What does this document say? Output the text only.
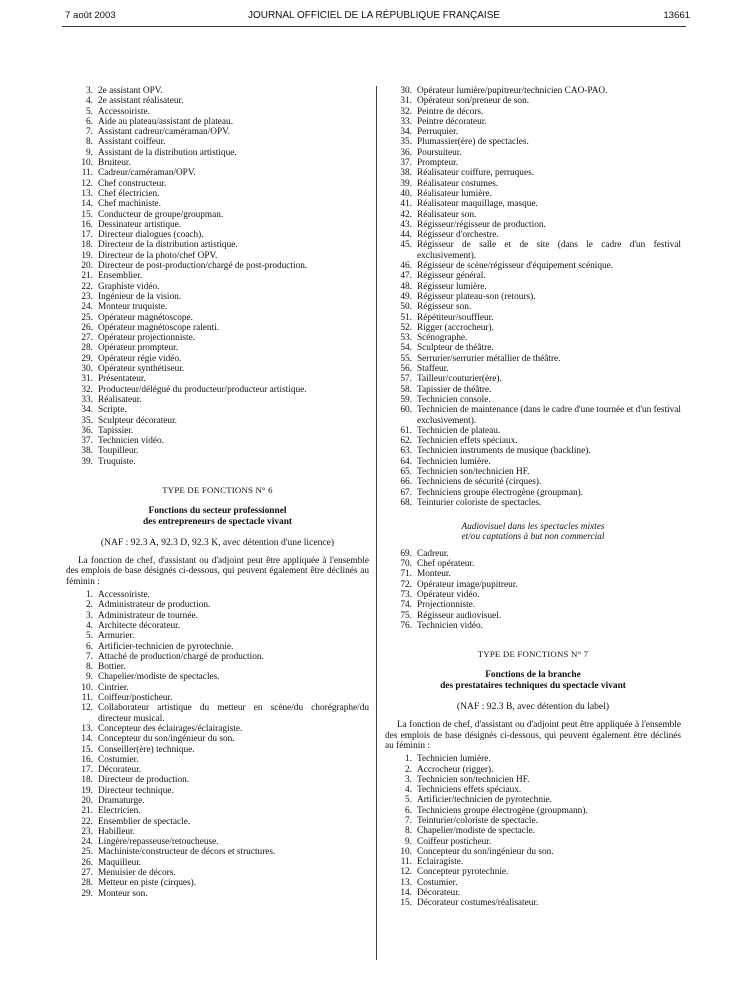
7 août 2003	JOURNAL OFFICIEL DE LA RÉPUBLIQUE FRANÇAISE	13661
3. 2e assistant OPV.
4. 2e assistant réalisateur.
5. Accessoiriste.
6. Aide au plateau/assistant de plateau.
7. Assistant cadreur/caméraman/OPV.
8. Assistant coiffeur.
9. Assistant de la distribution artistique.
10. Bruiteur.
11. Cadreur/caméraman/OPV.
12. Chef constructeur.
13. Chef électricien.
14. Chef machiniste.
15. Conducteur de groupe/groupman.
16. Dessinateur artistique.
17. Directeur dialogues (coach).
18. Directeur de la distribution artistique.
19. Directeur de la photo/chef OPV.
20. Directeur de post-production/chargé de post-production.
21. Ensemblier.
22. Graphiste vidéo.
23. Ingénieur de la vision.
24. Monteur truquiste.
25. Opérateur magnétoscope.
26. Opérateur magnétoscope ralenti.
27. Opérateur projectionniste.
28. Opérateur prompteur.
29. Opérateur régie vidéo.
30. Opérateur synthétiseur.
31. Présentateur.
32. Producteur/délégué du producteur/producteur artistique.
33. Réalisateur.
34. Scripte.
35. Sculpteur décorateur.
36. Tapissier.
37. Technicien vidéo.
38. Toupilleur.
39. Truquiste.
TYPE DE FONCTIONS N° 6
Fonctions du secteur professionnel
des entrepreneurs de spectacle vivant
(NAF : 92.3 A, 92.3 D, 92.3 K, avec détention d'une licence)
La fonction de chef, d'assistant ou d'adjoint peut être appliquée à l'ensemble des emplois de base désignés ci-dessous, qui peuvent également être déclinés au féminin :
1. Accessoiriste.
2. Administrateur de production.
3. Administrateur de tournée.
4. Architecte décorateur.
5. Armurier.
6. Artificier-technicien de pyrotechnie.
7. Attaché de production/chargé de production.
8. Bottier.
9. Chapelier/modiste de spectacles.
10. Cintrier.
11. Coiffeur/posticheur.
12. Collaborateur artistique du metteur en scène/du chorégraphe/du directeur musical.
13. Concepteur des éclairages/éclairagiste.
14. Concepteur du son/ingénieur du son.
15. Conseiller(ère) technique.
16. Costumier.
17. Décorateur.
18. Directeur de production.
19. Directeur technique.
20. Dramaturge.
21. Electricien.
22. Ensemblier de spectacle.
23. Habilleur.
24. Lingère/repasseuse/retoucheuse.
25. Machiniste/constructeur de décors et structures.
26. Maquilleur.
27. Menuisier de décors.
28. Metteur en piste (cirques).
29. Monteur son.
30. Opérateur lumière/pupitreur/technicien CAO-PAO.
31. Opérateur son/preneur de son.
32. Peintre de décors.
33. Peintre décorateur.
34. Perruquier.
35. Plumassier(ère) de spectacles.
36. Poursuiteur.
37. Prompteur.
38. Réalisateur coiffure, perruques.
39. Réalisateur costumes.
40. Réalisateur lumière.
41. Réalisateur maquillage, masque.
42. Réalisateur son.
43. Régisseur/régisseur de production.
44. Régisseur d'orchestre.
45. Régisseur de salle et de site (dans le cadre d'un festival exclusivement).
46. Régisseur de scène/régisseur d'équipement scénique.
47. Régisseur général.
48. Régisseur lumière.
49. Régisseur plateau-son (retours).
50. Régisseur son.
51. Répétiteur/souffleur.
52. Rigger (accrocheur).
53. Scénographe.
54. Sculpteur de théâtre.
55. Serrurier/serrurier métallier de théâtre.
56. Staffeur.
57. Tailleur/couturier(ère).
58. Tapissier de théâtre.
59. Technicien console.
60. Technicien de maintenance (dans le cadre d'une tournée et d'un festival exclusivement).
61. Technicien de plateau.
62. Technicien effets spéciaux.
63. Technicien instruments de musique (backline).
64. Technicien lumière.
65. Technicien son/technicien HF.
66. Techniciens de sécurité (cirques).
67. Techniciens groupe électrogène (groupman).
68. Teinturier coloriste de spectacles.
Audiovisuel dans les spectacles mixtes
et/ou captations à but non commercial
69. Cadreur.
70. Chef opérateur.
71. Monteur.
72. Opérateur image/pupitreur.
73. Opérateur vidéo.
74. Projectionniste.
75. Régisseur audiovisuel.
76. Technicien vidéo.
TYPE DE FONCTIONS N° 7
Fonctions de la branche
des prestataires techniques du spectacle vivant
(NAF : 92.3 B, avec détention du label)
La fonction de chef, d'assistant ou d'adjoint peut être appliquée à l'ensemble des emplois de base désignés ci-dessous, qui peuvent également être déclinés au féminin :
1. Technicien lumière.
2. Accrocheur (rigger).
3. Technicien son/technicien HF.
4. Techniciens effets spéciaux.
5. Artificier/technicien de pyrotechnie.
6. Techniciens groupe électrogène (groupmann).
7. Teinturier/coloriste de spectacle.
8. Chapelier/modiste de spectacle.
9. Coiffeur posticheur.
10. Concepteur du son/ingénieur du son.
11. Eclairagiste.
12. Concepteur pyrotechnie.
13. Costumier.
14. Décorateur.
15. Décorateur costumes/réalisateur.
